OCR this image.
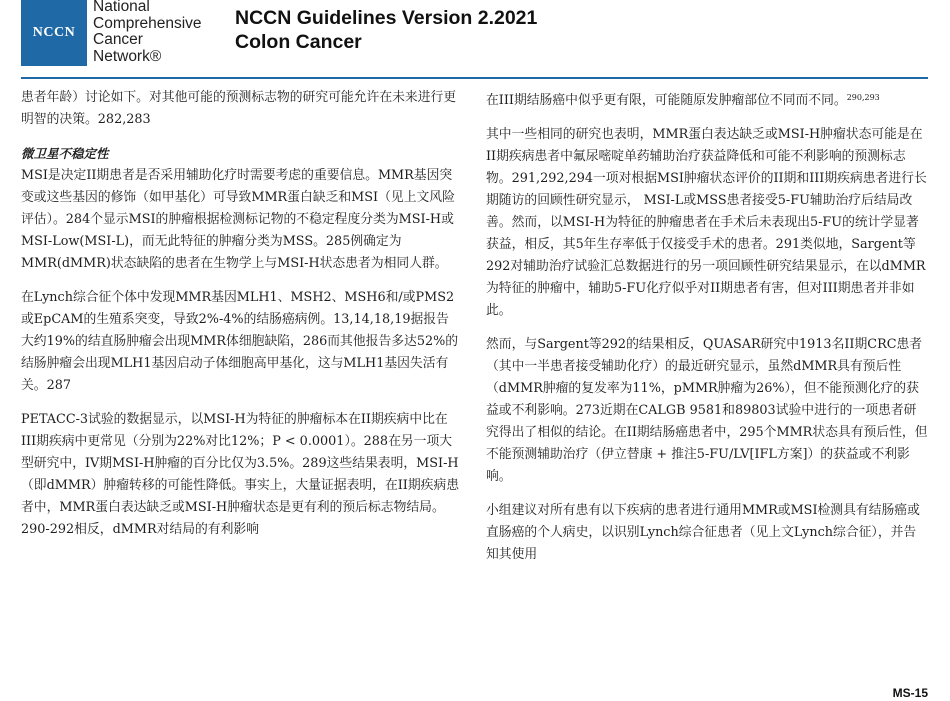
NCCN
National
Comprehensive
Cancer
Network®
NCCN Guidelines Version 2.2021
Colon Cancer

患者年龄）讨论如下。对其他可能的预测标志物的研究可能允许在未来进行更明智的决策。282,283

微卫星不稳定性

MSI是决定II期患者是否采用辅助化疗时需要考虑的重要信息。MMR基因突变或这些基因的修饰（如甲基化）可导致MMR蛋白缺乏和MSI（见上文风险评估）。284个显示MSI的肿瘤根据检测标记物的不稳定程度分类为MSI-H或MSI-Low(MSI-L)，而无此特征的肿瘤分类为MSS。285例确定为MMR(dMMR)状态缺陷的患者在生物学上与MSI-H状态患者为相同人群。

在Lynch综合征个体中发现MMR基因MLH1、MSH2、MSH6和/或PMS2或EpCAM的生殖系突变，导致2%-4%的结肠癌病例。13,14,18,19据报告大约19%的结直肠肿瘤会出现MMR体细胞缺陷，286而其他报告多达52%的结肠肿瘤会出现MLH1基因启动子体细胞高甲基化，这与MLH1基因失活有关。287

PETACC-3试验的数据显示，以MSI-H为特征的肿瘤标本在II期疾病中比在III期疾病中更常见（分别为22%对比12%；P < 0.0001）。288在另一项大型研究中，IV期MSI-H肿瘤的百分比仅为3.5%。289这些结果表明，MSI-H（即dMMR）肿瘤转移的可能性降低。事实上，大量证据表明，在II期疾病患者中，MMR蛋白表达缺乏或MSI-H肿瘤状态是更有利的预后标志物结局。290-292相反，dMMR对结局的有利影响

在III期结肠癌中似乎更有限，可能随原发肿瘤部位不同而不同。$^{290,293}$

其中一些相同的研究也表明，MMR蛋白表达缺乏或MSI-H肿瘤状态可能是在II期疾病患者中氟尿嘧啶单药辅助治疗获益降低和可能不利影响的预测标志物。291,292,294一项对根据MSI肿瘤状态评价的II期和III期疾病患者进行长期随访的回顾性研究显示， MSI-L或MSS患者接受5-FU辅助治疗后结局改善。然而，以MSI-H为特征的肿瘤患者在手术后未表现出5-FU的统计学显著获益，相反，其5年生存率低于仅接受手术的患者。291类似地，Sargent等292对辅助治疗试验汇总数据进行的另一项回顾性研究结果显示，在以dMMR为特征的肿瘤中，辅助5-FU化疗似乎对II期患者有害，但对III期患者并非如此。

然而，与Sargent等292的结果相反，QUASAR研究中1913名II期CRC患者（其中一半患者接受辅助化疗）的最近研究显示，虽然dMMR具有预后性（dMMR肿瘤的复发率为11%，pMMR肿瘤为26%），但不能预测化疗的获益或不利影响。273近期在CALGB 9581和89803试验中进行的一项患者研究得出了相似的结论。在II期结肠癌患者中，295个MMR状态具有预后性，但不能预测辅助治疗（伊立替康 + 推注5-FU/LV[IFL方案]）的获益或不利影响。

小组建议对所有患有以下疾病的患者进行通用MMR或MSI检测具有结肠癌或直肠癌的个人病史，以识别Lynch综合征患者（见上文Lynch综合征），并告知其使用

MS-15
